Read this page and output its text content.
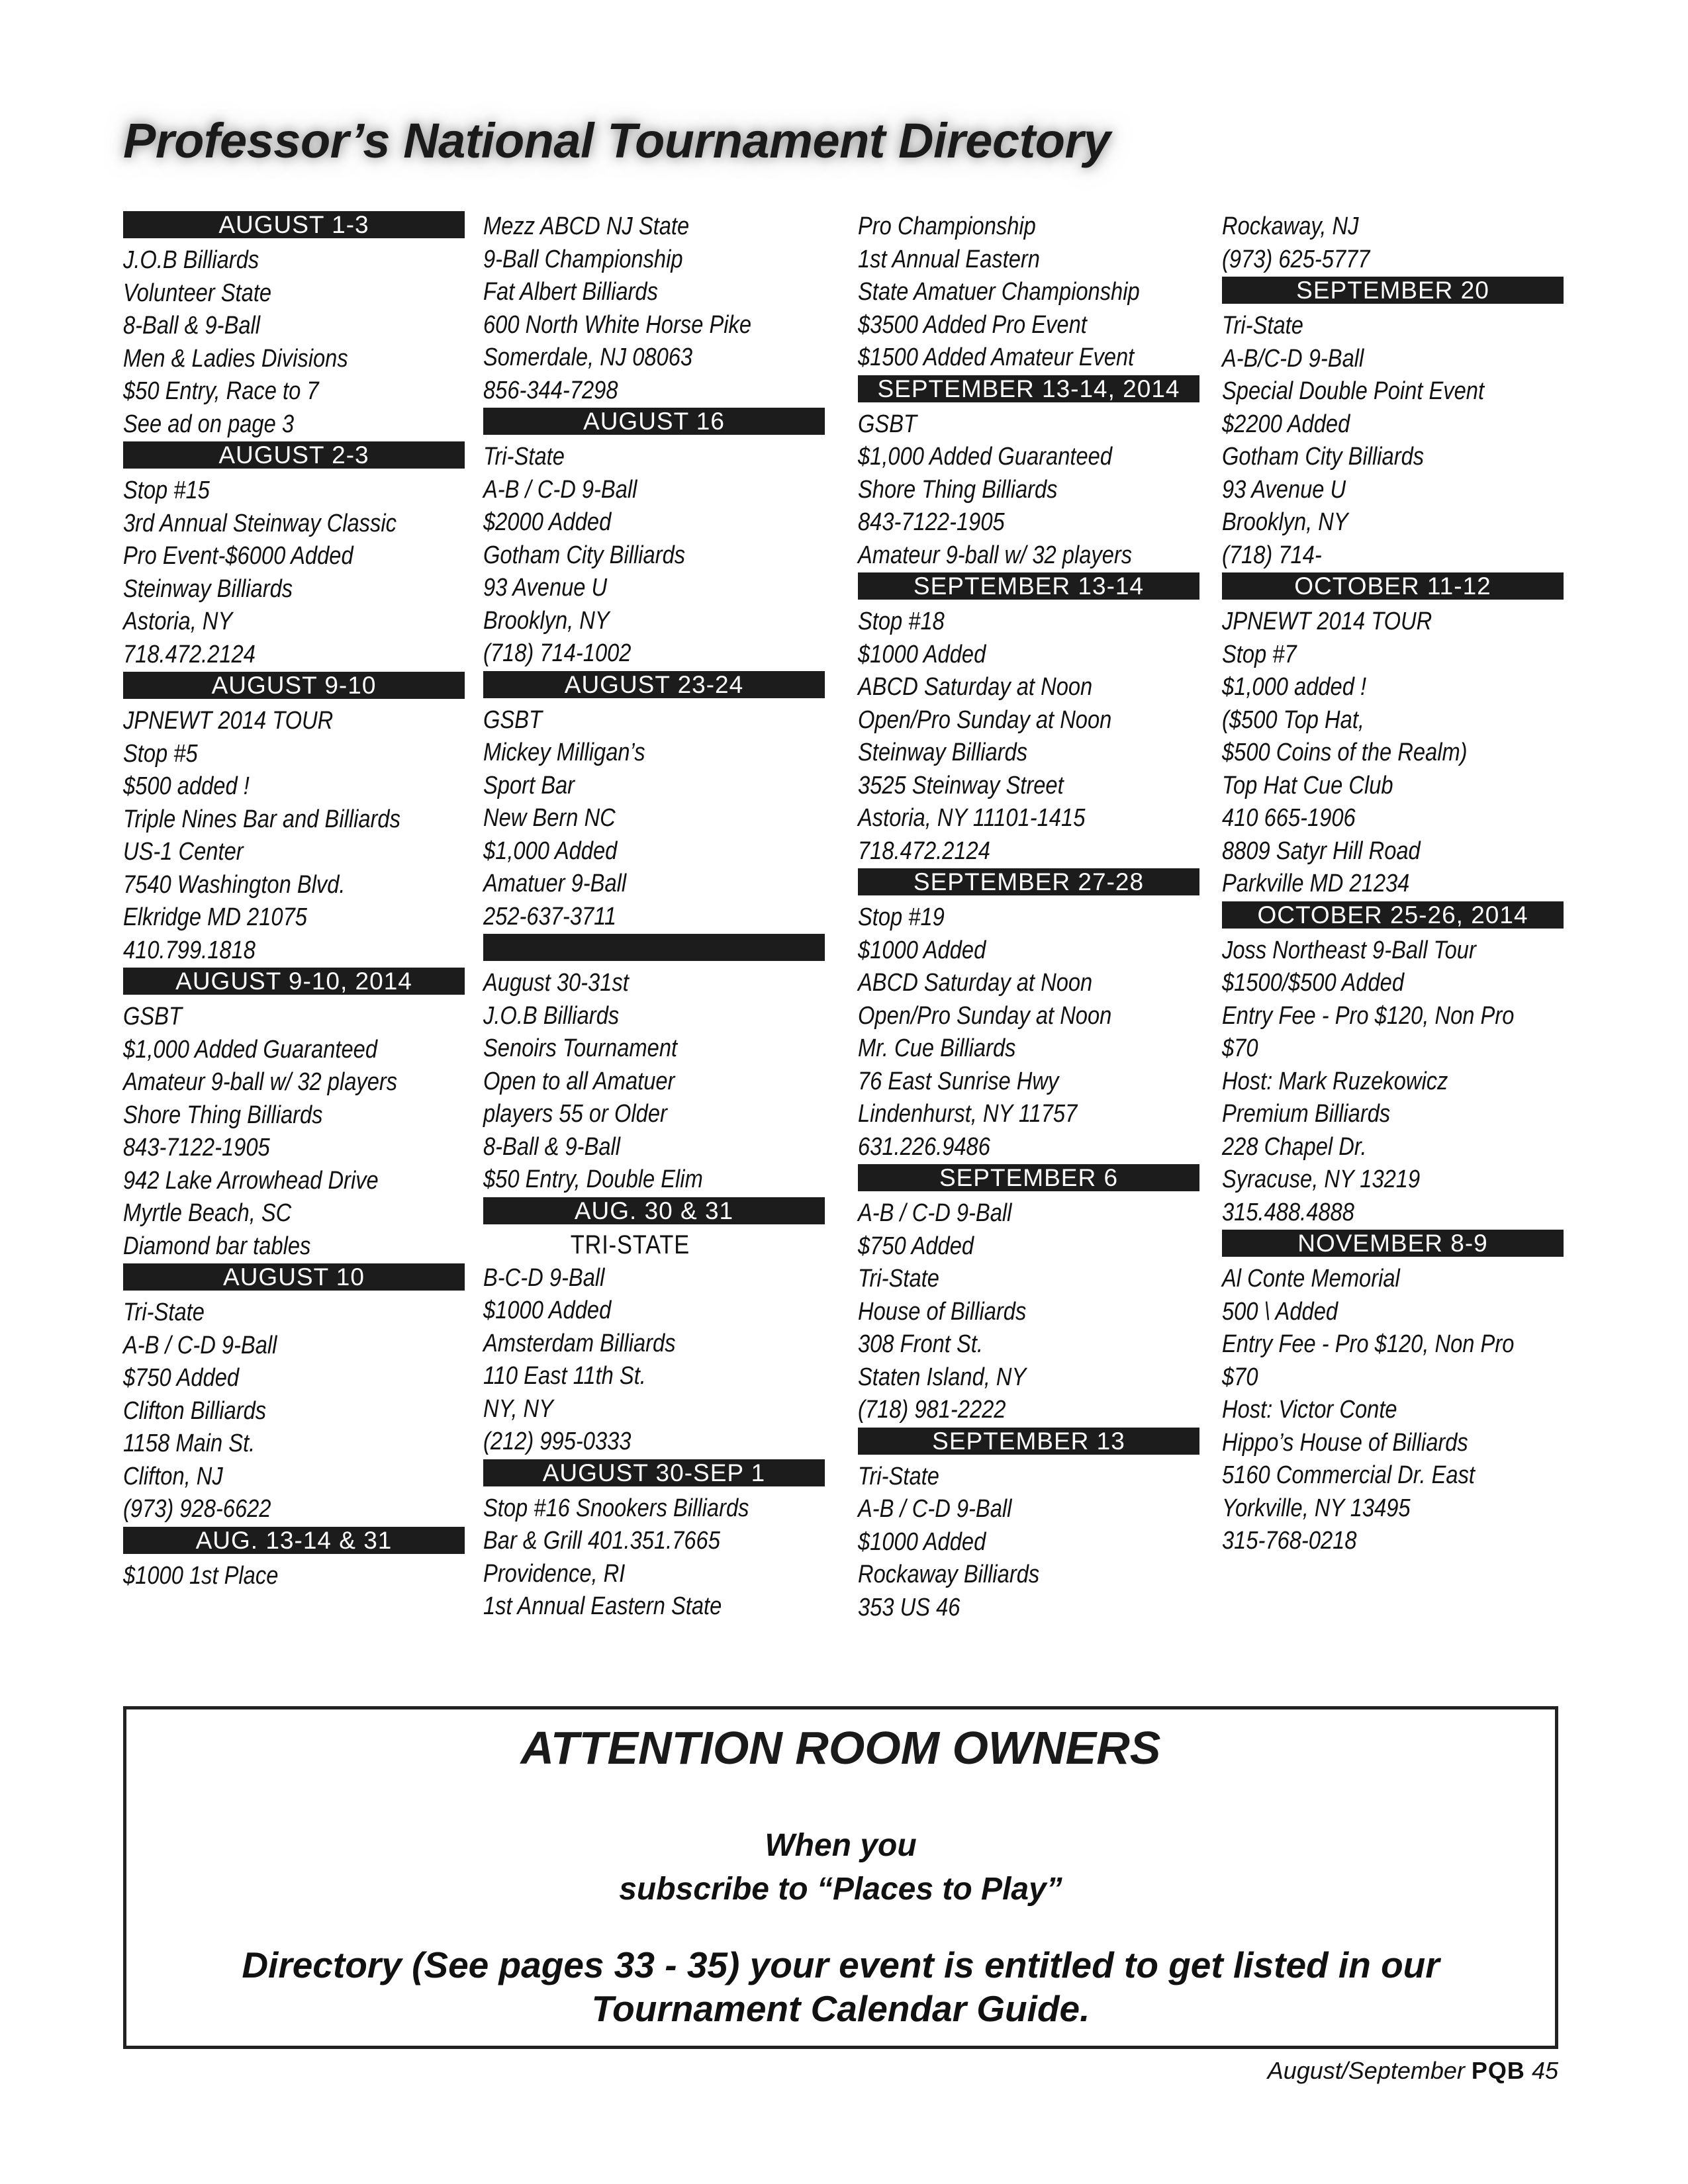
Professor’s National Tournament Directory
AUGUST 1-3
J.O.B Billiards
Volunteer State
8-Ball & 9-Ball
Men & Ladies Divisions
$50 Entry, Race to 7
See ad on page 3
AUGUST 2-3
Stop #15
3rd Annual Steinway Classic
Pro Event-$6000 Added
Steinway Billiards
Astoria, NY
718.472.2124
AUGUST 9-10
JPNEWT 2014 TOUR
Stop #5
$500 added !
Triple Nines Bar and Billiards
US-1 Center
7540 Washington Blvd.
Elkridge MD 21075
410.799.1818
AUGUST 9-10, 2014
GSBT
$1,000 Added Guaranteed
Amateur 9-ball w/ 32 players
Shore Thing Billiards
843-7122-1905
942 Lake Arrowhead Drive
Myrtle Beach, SC
Diamond bar tables
AUGUST 10
Tri-State
A-B / C-D 9-Ball
$750 Added
Clifton Billiards
1158 Main St.
Clifton, NJ
(973) 928-6622
AUG. 13-14 & 31
$1000 1st Place
Mezz ABCD NJ State
9-Ball Championship
Fat Albert Billiards
600 North White Horse Pike
Somerdale, NJ 08063
856-344-7298
AUGUST 16
Tri-State
A-B / C-D 9-Ball
$2000 Added
Gotham City Billiards
93 Avenue U
Brooklyn, NY
(718) 714-1002
AUGUST 23-24
GSBT
Mickey Milligan’s
Sport Bar
New Bern NC
$1,000 Added
Amatuer 9-Ball
252-637-3711
August 30-31st
J.O.B Billiards
Senoirs Tournament
Open to all Amatuer
players 55 or Older
8-Ball & 9-Ball
$50 Entry, Double Elim
AUG. 30 & 31
TRI-STATE
B-C-D 9-Ball
$1000 Added
Amsterdam Billiards
110 East 11th St.
NY, NY
(212) 995-0333
AUGUST 30-SEP 1
Stop #16 Snookers Billiards
Bar & Grill 401.351.7665
Providence, RI
1st Annual Eastern State
Pro Championship
1st Annual Eastern
State Amatuer Championship
$3500 Added Pro Event
$1500 Added Amateur Event
SEPTEMBER 13-14, 2014
GSBT
$1,000 Added Guaranteed
Shore Thing Billiards
843-7122-1905
Amateur 9-ball w/ 32 players
SEPTEMBER 13-14
Stop #18
$1000 Added
ABCD Saturday at Noon
Open/Pro Sunday at Noon
Steinway Billiards
3525 Steinway Street
Astoria, NY 11101-1415
718.472.2124
SEPTEMBER 27-28
Stop #19
$1000 Added
ABCD Saturday at Noon
Open/Pro Sunday at Noon
Mr. Cue Billiards
76 East Sunrise Hwy
Lindenhurst, NY 11757
631.226.9486
SEPTEMBER 6
A-B / C-D 9-Ball
$750 Added
Tri-State
House of Billiards
308 Front St.
Staten Island, NY
(718) 981-2222
SEPTEMBER 13
Tri-State
A-B / C-D 9-Ball
$1000 Added
Rockaway Billiards
353 US 46
Rockaway, NJ
(973) 625-5777
SEPTEMBER 20
Tri-State
A-B/C-D 9-Ball
Special Double Point Event
$2200 Added
Gotham City Billiards
93 Avenue U
Brooklyn, NY
(718) 714-
OCTOBER 11-12
JPNEWT 2014 TOUR
Stop #7
$1,000 added !
($500 Top Hat,
$500 Coins of the Realm)
Top Hat Cue Club
410 665-1906
8809 Satyr Hill Road
Parkville MD 21234
OCTOBER 25-26, 2014
Joss Northeast 9-Ball Tour
$1500/$500 Added
Entry Fee - Pro $120, Non Pro
$70
Host: Mark Ruzekowicz
Premium Billiards
228 Chapel Dr.
Syracuse, NY 13219
315.488.4888
NOVEMBER 8-9
Al Conte Memorial
500 \ Added
Entry Fee - Pro $120, Non Pro
$70
Host: Victor Conte
Hippo’s House of Billiards
5160 Commercial Dr. East
Yorkville, NY 13495
315-768-0218
ATTENTION ROOM OWNERS
When you
subscribe to “Places to Play”
Directory (See pages 33 - 35) your event is entitled to get listed in our
Tournament Calendar Guide.
August/September PQB 45
